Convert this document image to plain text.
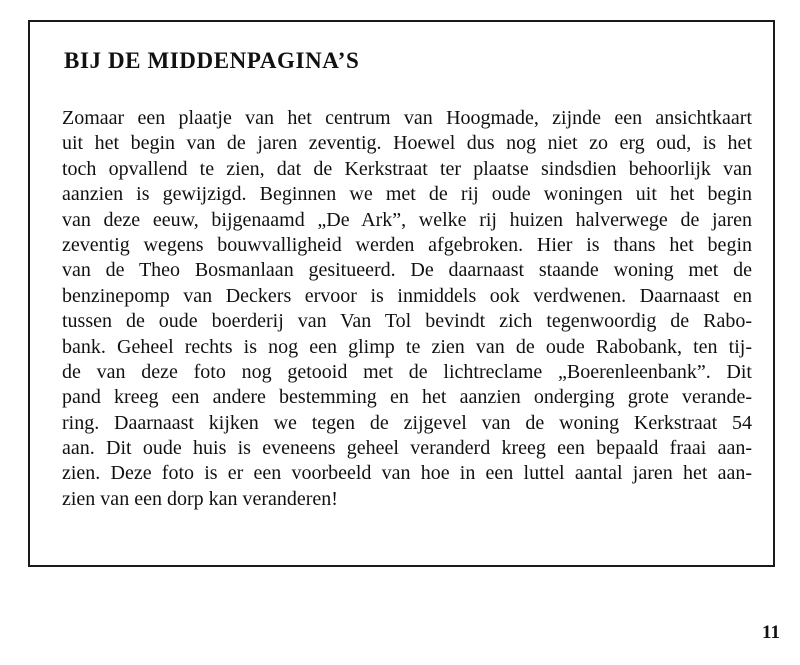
BIJ DE MIDDENPAGINA’S
Zomaar een plaatje van het centrum van Hoogmade, zijnde een ansichtkaart
uit het begin van de jaren zeventig. Hoewel dus nog niet zo erg oud, is het
toch opvallend te zien, dat de Kerkstraat ter plaatse sindsdien behoorlijk van
aanzien is gewijzigd. Beginnen we met de rij oude woningen uit het begin
van deze eeuw, bijgenaamd „De Ark”, welke rij huizen halverwege de jaren
zeventig wegens bouwvalligheid werden afgebroken. Hier is thans het begin
van de Theo Bosmanlaan gesitueerd. De daarnaast staande woning met de
benzinepomp van Deckers ervoor is inmiddels ook verdwenen. Daarnaast en
tussen de oude boerderij van Van Tol bevindt zich tegenwoordig de Rabo-
bank. Geheel rechts is nog een glimp te zien van de oude Rabobank, ten tij-
de van deze foto nog getooid met de lichtreclame „Boerenleenbank”. Dit
pand kreeg een andere bestemming en het aanzien onderging grote verande-
ring. Daarnaast kijken we tegen de zijgevel van de woning Kerkstraat 54
aan. Dit oude huis is eveneens geheel veranderd kreeg een bepaald fraai aan-
zien. Deze foto is er een voorbeeld van hoe in een luttel aantal jaren het aan-
zien van een dorp kan veranderen!
11
